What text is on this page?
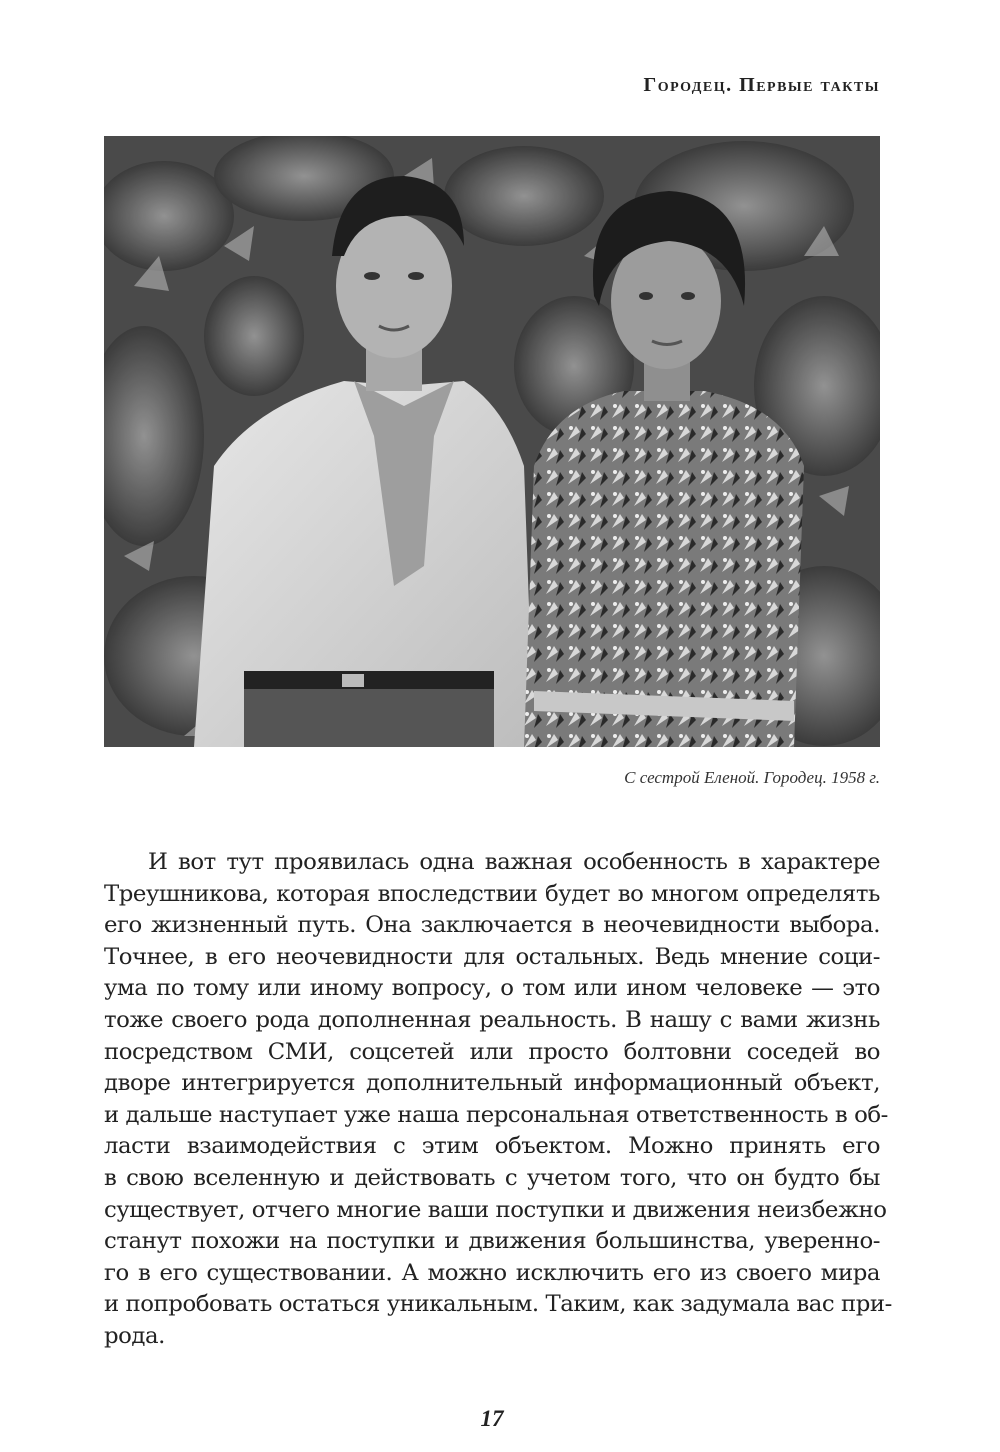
Городец. Первые такты
С сестрой Еленой. Городец. 1958 г.
И вот тут проявилась одна важная особенность в характере
Треушникова, которая впоследствии будет во многом определять
его жизненный путь. Она заключается в неочевидности выбора.
Точнее, в его неочевидности для остальных. Ведь мнение соци-
ума по тому или иному вопросу, о том или ином человеке — это
тоже своего рода дополненная реальность. В нашу с вами жизнь
посредством СМИ, соцсетей или просто болтовни соседей во
дворе интегрируется дополнительный информационный объект,
и дальше наступает уже наша персональная ответственность в об-
ласти взаимодействия с этим объектом. Можно принять его
в свою вселенную и действовать с учетом того, что он будто бы
существует, отчего многие ваши поступки и движения неизбежно
станут похожи на поступки и движения большинства, уверенно-
го в его существовании. А можно исключить его из своего мира
и попробовать остаться уникальным. Таким, как задумала вас при-
рода.
17
